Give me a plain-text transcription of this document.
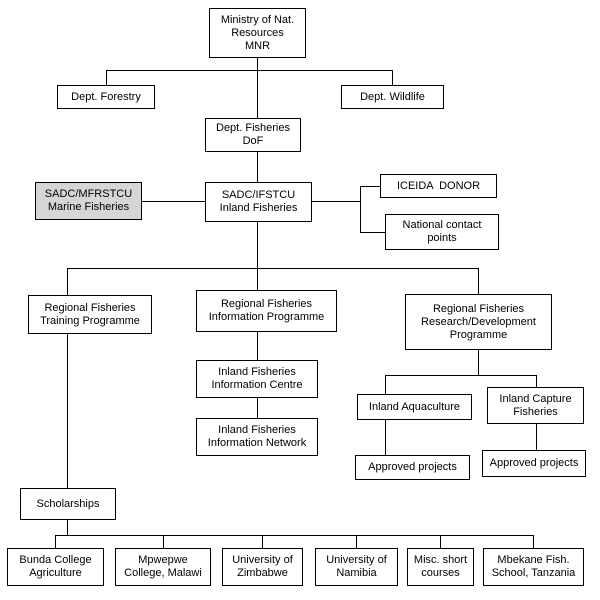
Ministry of Nat.
Resources
MNR
Dept. Forestry	Dept. Wildlife
Dept. Fisheries
DoF
SADC/MFRSTCU
Marine Fisheries
SADC/IFSTCU
Inland Fisheries
ICEIDA  DONOR
National contact
points
Regional Fisheries
Training Programme
Regional Fisheries
Information Programme
Regional Fisheries
Research/Development
Programme
Inland Fisheries
Information Centre
Inland Fisheries
Information Network
Inland Aquaculture
Inland Capture
Fisheries
Approved projects	Approved projects
Scholarships
Bunda College
Agriculture
Mpwepwe
College, Malawi
University of
Zimbabwe
University of
Namibia
Misc. short
courses
Mbekane Fish.
School, Tanzania
